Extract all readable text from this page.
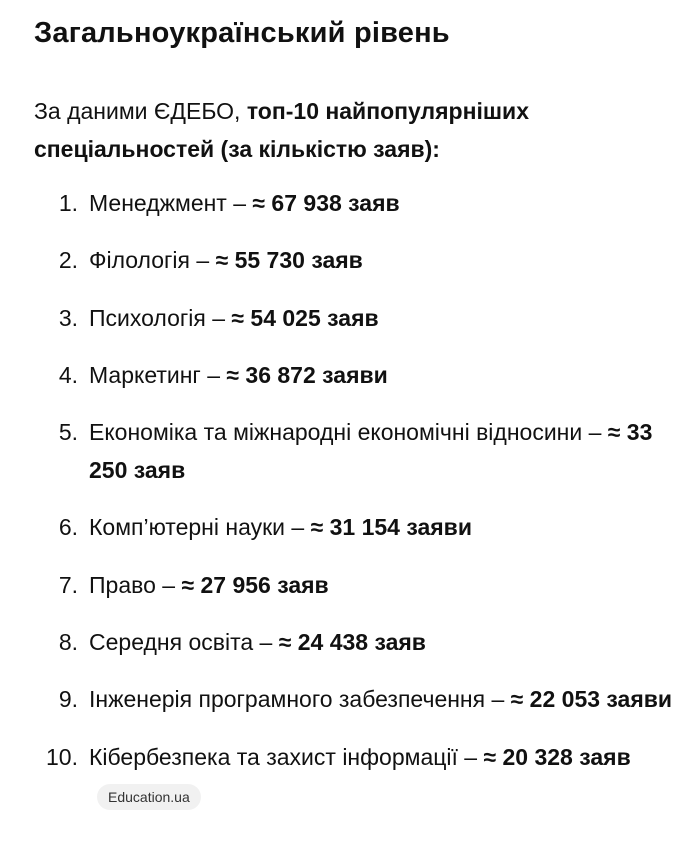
Загальноукраїнський рівень

За даними ЄДЕБО, топ-10 найпопулярніших спеціальностей (за кількістю заяв):

1. Менеджмент – ≈ 67 938 заяв
2. Філологія – ≈ 55 730 заяв
3. Психологія – ≈ 54 025 заяв
4. Маркетинг – ≈ 36 872 заяви
5. Економіка та міжнародні економічні відносини – ≈ 33 250 заяв
6. Комп’ютерні науки – ≈ 31 154 заяви
7. Право – ≈ 27 956 заяв
8. Середня освіта – ≈ 24 438 заяв
9. Інженерія програмного забезпечення – ≈ 22 053 заяви
10. Кібербезпека та захист інформації – ≈ 20 328 заявEducation.ua
